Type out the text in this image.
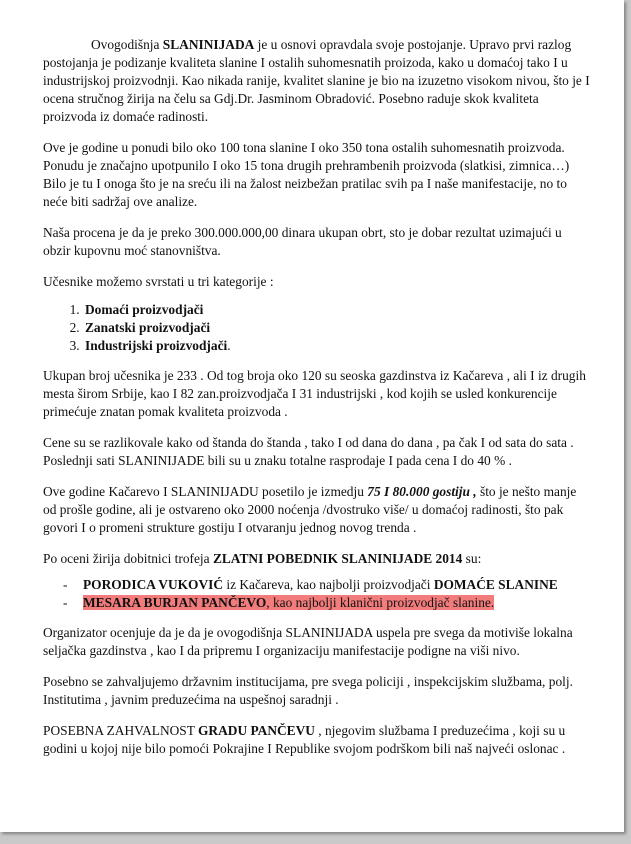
Ovogodišnja SLANINIJADA je u osnovi opravdala svoje postojanje. Upravo prvi razlog postojanja je podizanje kvaliteta slanine I ostalih suhomesnatih proizoda, kako u domaćoj tako I u industrijskoj proizvodnji. Kao nikada ranije, kvalitet slanine je bio na izuzetno visokom nivou, što je I ocena stručnog žirija na čelu sa Gdj.Dr. Jasminom Obradović. Posebno raduje skok kvaliteta proizvoda iz domaće radinosti.

Ove je godine u ponudi bilo oko 100 tona slanine I oko 350 tona ostalih suhomesnatih proizvoda. Ponudu je značajno upotpunilo I oko 15 tona drugih prehrambenih proizvoda (slatkisi, zimnica…) Bilo je tu I onoga što je na sreću ili na žalost neizbežan pratilac svih pa I naše manifestacije, no to neće biti sadržaj ove analize.

Naša procena je da je preko 300.000.000,00 dinara ukupan obrt, sto je dobar rezultat uzimajući u obzir kupovnu moć stanovništva.

Učesnike možemo svrstati u tri kategorije :

1. Domaći proizvodjači
2. Zanatski proizvodjači
3. Industrijski proizvodjači.

Ukupan broj učesnika je 233 . Od tog broja oko 120 su seoska gazdinstva iz Kačareva , ali I iz drugih mesta širom Srbije, kao I 82 zan.proizvodjača I 31 industrijski , kod kojih se usled konkurencije primećuje znatan pomak kvaliteta proizvoda .

Cene su se razlikovale kako od štanda do štanda , tako I od dana do dana , pa čak I od sata do sata . Poslednji sati SLANINIJADE bili su u znaku totalne rasprodaje I pada cena I do 40 % .

Ove godine Kačarevo I SLANINIJADU posetilo je izmedju 75 I 80.000 gostiju , što je nešto manje od prošle godine, ali je ostvareno oko 2000 noćenja /dvostruko više/ u domaćoj radinosti, što pak govori I o promeni strukture gostiju I otvaranju jednog novog trenda .

Po oceni žirija dobitnici trofeja ZLATNI POBEDNIK SLANINIJADE 2014 su:

- PORODICA VUKOVIĆ iz Kačareva, kao najbolji proizvodjači DOMAĆE SLANINE
- MESARA BURJAN PANČEVO, kao najbolji klanični proizvodjač slanine.

Organizator ocenjuje da je da je ovogodišnja SLANINIJADA uspela pre svega da motiviše lokalna seljačka gazdinstva , kao I da pripremu I organizaciju manifestacije podigne na viši nivo.

Posebno se zahvaljujemo državnim institucijama, pre svega policiji , inspekcijskim službama, polj. Institutima , javnim preduzećima na uspešnoj saradnji .

POSEBNA ZAHVALNOST GRADU PANČEVU , njegovim službama I preduzećima , koji su u godini u kojoj nije bilo pomoći Pokrajine I Republike svojom podrškom bili naš najveći oslonac .
